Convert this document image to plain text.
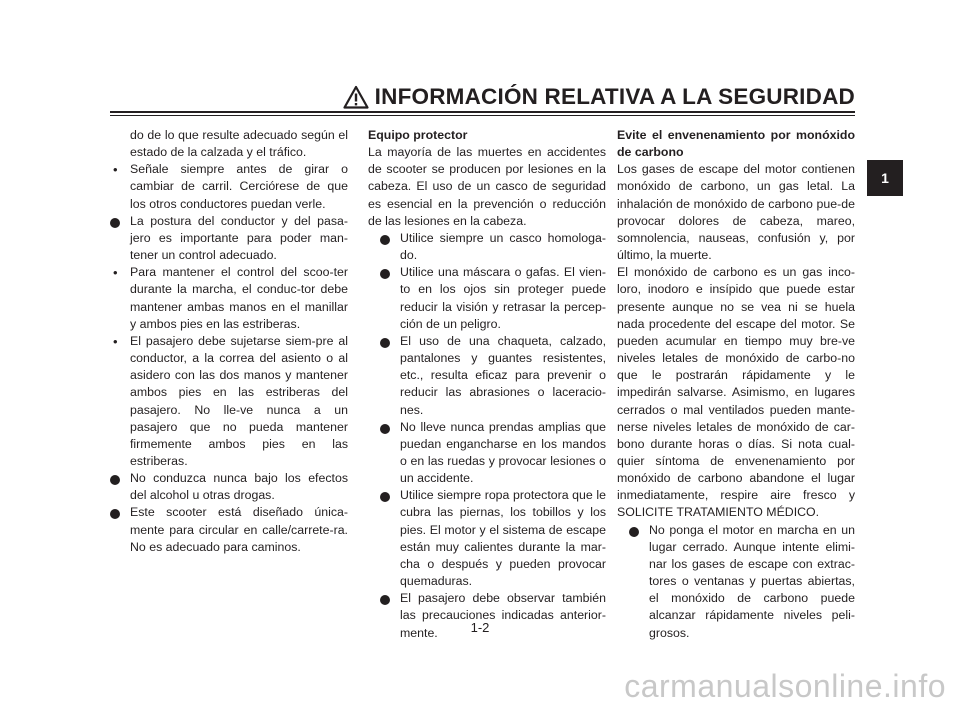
INFORMACIÓN RELATIVA A LA SEGURIDAD

do de lo que resulte adecuado según el estado de la calzada y el tráfico.

• Señale siempre antes de girar o cambiar de carril. Cerciórese de que los otros conductores puedan verle.
La postura del conductor y del pasa-jero es importante para poder man-tener un control adecuado.
• Para mantener el control del scoo-ter durante la marcha, el conduc-tor debe mantener ambas manos en el manillar y ambos pies en las estriberas.
• El pasajero debe sujetarse siem-pre al conductor, a la correa del asiento o al asidero con las dos manos y mantener ambos pies en las estriberas del pasajero. No lle-ve nunca a un pasajero que no pueda mantener firmemente ambos pies en las estriberas.
No conduzca nunca bajo los efectos del alcohol u otras drogas.
Este scooter está diseñado única-mente para circular en calle/carrete-ra. No es adecuado para caminos.

Equipo protector

La mayoría de las muertes en accidentes de scooter se producen por lesiones en la cabeza. El uso de un casco de seguridad es esencial en la prevención o reducción de las lesiones en la cabeza.

Utilice siempre un casco homologa-do.
Utilice una máscara o gafas. El vien-to en los ojos sin proteger puede reducir la visión y retrasar la percep-ción de un peligro.
El uso de una chaqueta, calzado, pantalones y guantes resistentes, etc., resulta eficaz para prevenir o reducir las abrasiones o laceracio-nes.
No lleve nunca prendas amplias que puedan engancharse en los mandos o en las ruedas y provocar lesiones o un accidente.
Utilice siempre ropa protectora que le cubra las piernas, los tobillos y los pies. El motor y el sistema de escape están muy calientes durante la mar-cha o después y pueden provocar quemaduras.
El pasajero debe observar también las precauciones indicadas anterior-mente.

Evite el envenenamiento por monóxido de carbono

Los gases de escape del motor contienen monóxido de carbono, un gas letal. La inhalación de monóxido de carbono pue-de provocar dolores de cabeza, mareo, somnolencia, nauseas, confusión y, por último, la muerte.

El monóxido de carbono es un gas inco-loro, inodoro e insípido que puede estar presente aunque no se vea ni se huela nada procedente del escape del motor. Se pueden acumular en tiempo muy bre-ve niveles letales de monóxido de carbo-no que le postrarán rápidamente y le impedirán salvarse. Asimismo, en lugares cerrados o mal ventilados pueden mante-nerse niveles letales de monóxido de car-bono durante horas o días. Si nota cual-quier síntoma de envenenamiento por monóxido de carbono abandone el lugar inmediatamente, respire aire fresco y SOLICITE TRATAMIENTO MÉDICO.

No ponga el motor en marcha en un lugar cerrado. Aunque intente elimi-nar los gases de escape con extrac-tores o ventanas y puertas abiertas, el monóxido de carbono puede alcanzar rápidamente niveles peli-grosos.
1
1-2
carmanualsonline.info
